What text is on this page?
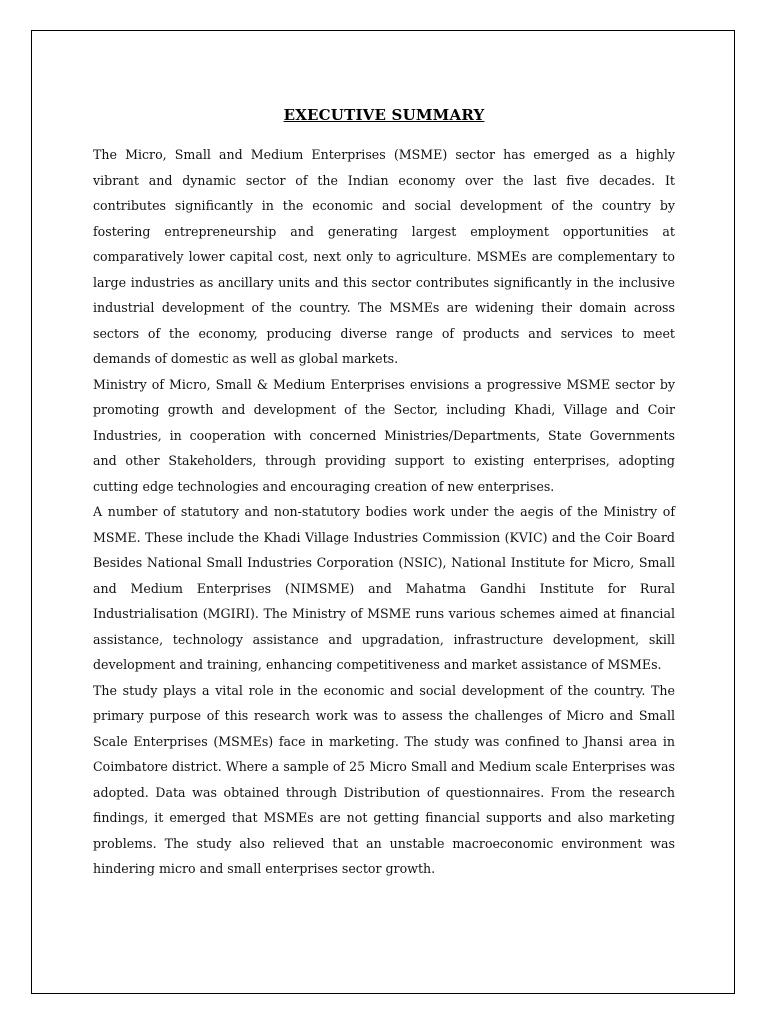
EXECUTIVE SUMMARY

The Micro, Small and Medium Enterprises (MSME) sector has emerged as a highly vibrant and dynamic sector of the Indian economy over the last five decades. It contributes significantly in the economic and social development of the country by fostering entrepreneurship and generating largest employment opportunities at comparatively lower capital cost, next only to agriculture. MSMEs are complementary to large industries as ancillary units and this sector contributes significantly in the inclusive industrial development of the country. The MSMEs are widening their domain across sectors of the economy, producing diverse range of products and services to meet demands of domestic as well as global markets.

Ministry of Micro, Small & Medium Enterprises envisions a progressive MSME sector by promoting growth and development of the Sector, including Khadi, Village and Coir Industries, in cooperation with concerned Ministries/Departments, State Governments and other Stakeholders, through providing support to existing enterprises, adopting cutting edge technologies and encouraging creation of new enterprises.

A number of statutory and non-statutory bodies work under the aegis of the Ministry of MSME. These include the Khadi Village Industries Commission (KVIC) and the Coir Board Besides National Small Industries Corporation (NSIC), National Institute for Micro, Small and Medium Enterprises (NIMSME) and Mahatma Gandhi Institute for Rural Industrialisation (MGIRI). The Ministry of MSME runs various schemes aimed at financial assistance, technology assistance and upgradation, infrastructure development, skill development and training, enhancing competitiveness and market assistance of MSMEs.

The study plays a vital role in the economic and social development of the country. The primary purpose of this research work was to assess the challenges of Micro and Small Scale Enterprises (MSMEs) face in marketing. The study was confined to Jhansi area in Coimbatore district. Where a sample of 25 Micro Small and Medium scale Enterprises was adopted. Data was obtained through Distribution of questionnaires. From the research findings, it emerged that MSMEs are not getting financial supports and also marketing problems. The study also relieved that an unstable macroeconomic environment was hindering micro and small enterprises sector growth.
